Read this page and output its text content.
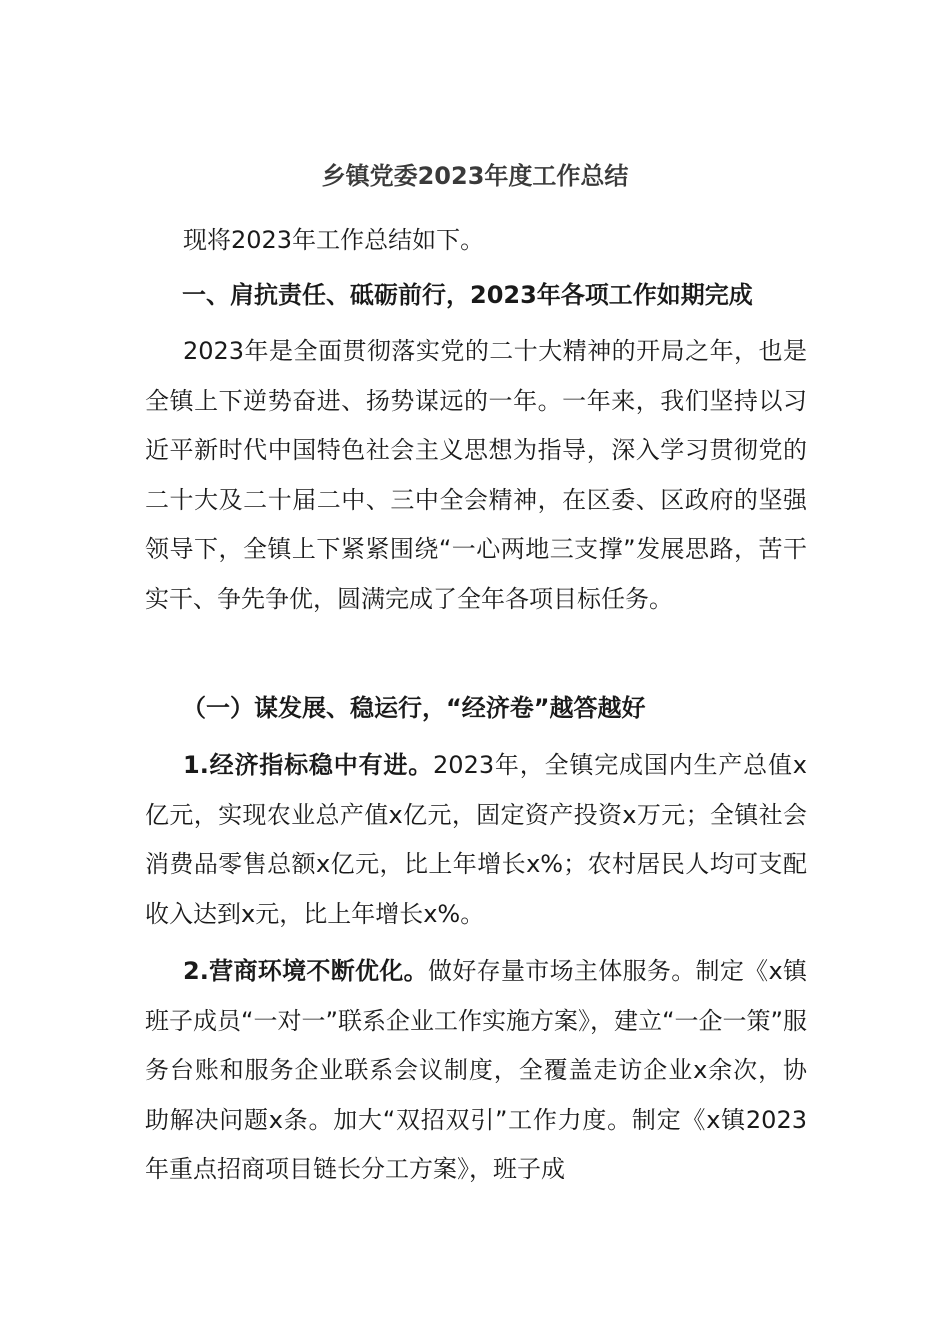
乡镇党委2023年度工作总结

现将2023年工作总结如下。

一、肩抗责任、砥砺前行，2023年各项工作如期完成

2023年是全面贯彻落实党的二十大精神的开局之年，也是全镇上下逆势奋进、扬势谋远的一年。一年来，我们坚持以习近平新时代中国特色社会主义思想为指导，深入学习贯彻党的二十大及二十届二中、三中全会精神，在区委、区政府的坚强领导下，全镇上下紧紧围绕“一心两地三支撑”发展思路，苦干实干、争先争优，圆满完成了全年各项目标任务。

（一）谋发展、稳运行，“经济卷”越答越好

1.经济指标稳中有进。2023年，全镇完成国内生产总值x亿元，实现农业总产值x亿元，固定资产投资x万元；全镇社会消费品零售总额x亿元，比上年增长x%；农村居民人均可支配收入达到x元，比上年增长x%。

2.营商环境不断优化。做好存量市场主体服务。制定《x镇班子成员“一对一”联系企业工作实施方案》，建立“一企一策”服务台账和服务企业联系会议制度，全覆盖走访企业x余次，协助解决问题x条。加大“双招双引”工作力度。制定《x镇2023年重点招商项目链长分工方案》，班子成
